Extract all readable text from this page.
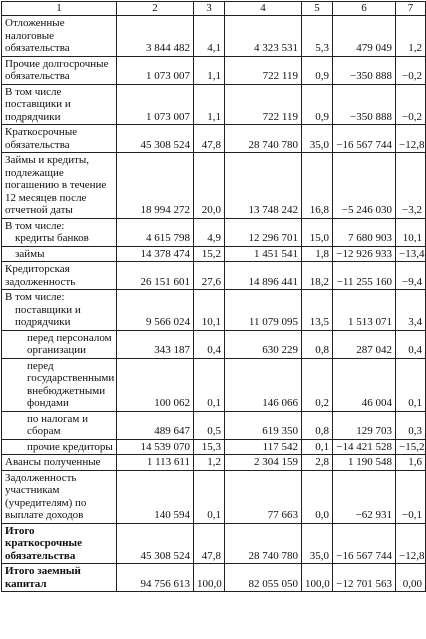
1	2	3	4	5	6	7
Отложенные налоговые обязательства	3 844 482	4,1	4 323 531	5,3	479 049	1,2
Прочие долгосрочные обязательства	1 073 007	1,1	722 119	0,9	−350 888	−0,2
В том числе поставщики и подрядчики	1 073 007	1,1	722 119	0,9	−350 888	−0,2
Краткосрочные обязательства	45 308 524	47,8	28 740 780	35,0	−16 567 744	−12,8
Займы и кредиты, подлежащие погашению в течение 12 месяцев после отчетной даты	18 994 272	20,0	13 748 242	16,8	−5 246 030	−3,2
В том числе:
кредиты банков	4 615 798	4,9	12 296 701	15,0	7 680 903	10,1

займы	14 378 474	15,2	1 451 541	1,8	−12 926 933	−13,4
Кредиторская задолженность	26 151 601	27,6	14 896 441	18,2	−11 255 160	−9,4
В том числе:
поставщики и подрядчики	9 566 024	10,1	11 079 095	13,5	1 513 071	3,4

перед персоналом организации	343 187	0,4	630 229	0,8	287 042	0,4

перед государственными внебюджетными фондами	100 062	0,1	146 066	0,2	46 004	0,1

по налогам и сборам	489 647	0,5	619 350	0,8	129 703	0,3

прочие кредиторы	14 539 070	15,3	117 542	0,1	−14 421 528	−15,2
Авансы полученные	1 113 611	1,2	2 304 159	2,8	1 190 548	1,6
Задолженность участникам (учредителям) по выплате доходов	140 594	0,1	77 663	0,0	−62 931	−0,1
Итого краткосрочные обязательства	45 308 524	47,8	28 740 780	35,0	−16 567 744	−12,8
Итого заемный капитал	94 756 613	100,0	82 055 050	100,0	−12 701 563	0,00
